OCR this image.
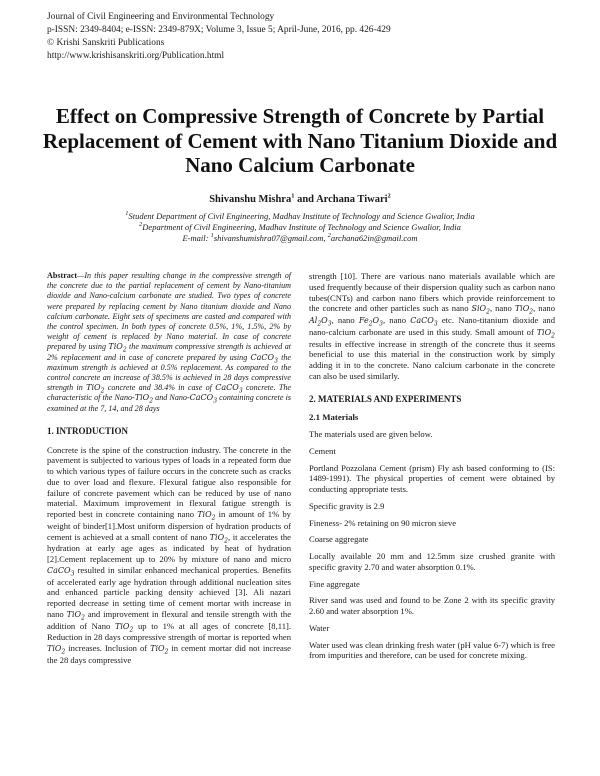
Journal of Civil Engineering and Environmental Technology
p-ISSN: 2349-8404; e-ISSN: 2349-879X; Volume 3, Issue 5; April-June, 2016, pp. 426-429
© Krishi Sanskriti Publications
http://www.krishisanskriti.org/Publication.html
Effect on Compressive Strength of Concrete by Partial Replacement of Cement with Nano Titanium Dioxide and Nano Calcium Carbonate
Shivanshu Mishra$^1$ and Archana Tiwari$^2$
$^1$Student Department of Civil Engineering, Madhav Institute of Technology and Science Gwalior, India
$^2$Department of Civil Engineering, Madhav Institute of Technology and Science Gwalior, India
E-mail: $^1$shivanshumishra07@gmail.com, $^2$archana62in@gmail.com

Abstract—In this paper resulting change in the compressive strength of the concrete due to the partial replacement of cement by Nano-titanium dioxide and Nano-calcium carbonate are studied. Two types of concrete were prepared by replacing cement by Nano titanium dioxide and Nano calcium carbonate. Eight sets of specimens are casted and compared with the control specimen. In both types of concrete 0.5%, 1%, 1.5%, 2% by weight of cement is replaced by Nano material. In case of concrete prepared by using TiO$_2$ the maximum compressive strength is achieved at 2% replacement and in case of concrete prepared by using CaCO$_3$ the maximum strength is achieved at 0.5% replacement. As compared to the control concrete an increase of 38.5% is achieved in 28 days compressive strength in TiO$_2$ concrete and 38.4% in case of CaCO$_3$ concrete. The characteristic of the Nano-TiO$_2$ and Nano-CaCO$_3$ containing concrete is examined at the 7, 14, and 28 days

1. INTRODUCTION

Concrete is the spine of the construction industry. The concrete in the pavement is subjected to various types of loads in a repeated form due to which various types of failure occurs in the concrete such as cracks due to over load and flexure. Flexural fatigue also responsible for failure of concrete pavement which can be reduced by use of nano material. Maximum improvement in flexural fatigue strength is reported best in concrete containing nano TiO$_2$ in amount of 1% by weight of binder[1].Most uniform dispersion of hydration products of cement is achieved at a small content of nano TiO$_2$, it accelerates the hydration at early age ages as indicated by heat of hydration [2].Cement replacement up to 20% by mixture of nano and micro CaCO$_3$ resulted in similar enhanced mechanical properties. Benefits of accelerated early age hydration through additional nucleation sites and enhanced particle packing density achieved [3]. Ali nazari reported decrease in setting time of cement mortar with increase in nano TiO$_2$ and improvement in flexural and tensile strength with the addition of Nano TiO$_2$ up to 1% at all ages of concrete [8,11]. Reduction in 28 days compressive strength of mortar is reported when TiO$_2$ increases. Inclusion of TiO$_2$ in cement mortar did not increase the 28 days compressive

strength [10]. There are various nano materials available which are used frequently because of their dispersion quality such as carbon nano tubes(CNTs) and carbon nano fibers which provide reinforcement to the concrete and other particles such as nano SiO$_2$, nano TiO$_2$, nano $Al_2O_3$, nano $Fe_2O_3$, nano CaCO$_3$ etc. Nano-titanium dioxide and nano-calcium carbonate are used in this study. Small amount of TiO$_2$ results in effective increase in strength of the concrete thus it seems beneficial to use this material in the construction work by simply adding it in to the concrete. Nano calcium carbonate in the concrete can also be used similarly.

2. MATERIALS AND EXPERIMENTS
2.1 Materials

The materials used are given below.

Cement

Portland Pozzolana Cement (prism) Fly ash based conforming to (IS: 1489-1991). The physical properties of cement were obtained by conducting appropriate tests.

Specific gravity is 2.9

Fineness- 2% retaining on 90 micron sieve

Coarse aggregate

Locally available 20 mm and 12.5mm size crushed granite with specific gravity 2.70 and water absorption 0.1%.

Fine aggregate

River sand was used and found to be Zone 2 with its specific gravity 2.60 and water absorption 1%.

Water

Water used was clean drinking fresh water (pH value 6-7) which is free from impurities and therefore, can be used for concrete mixing.
